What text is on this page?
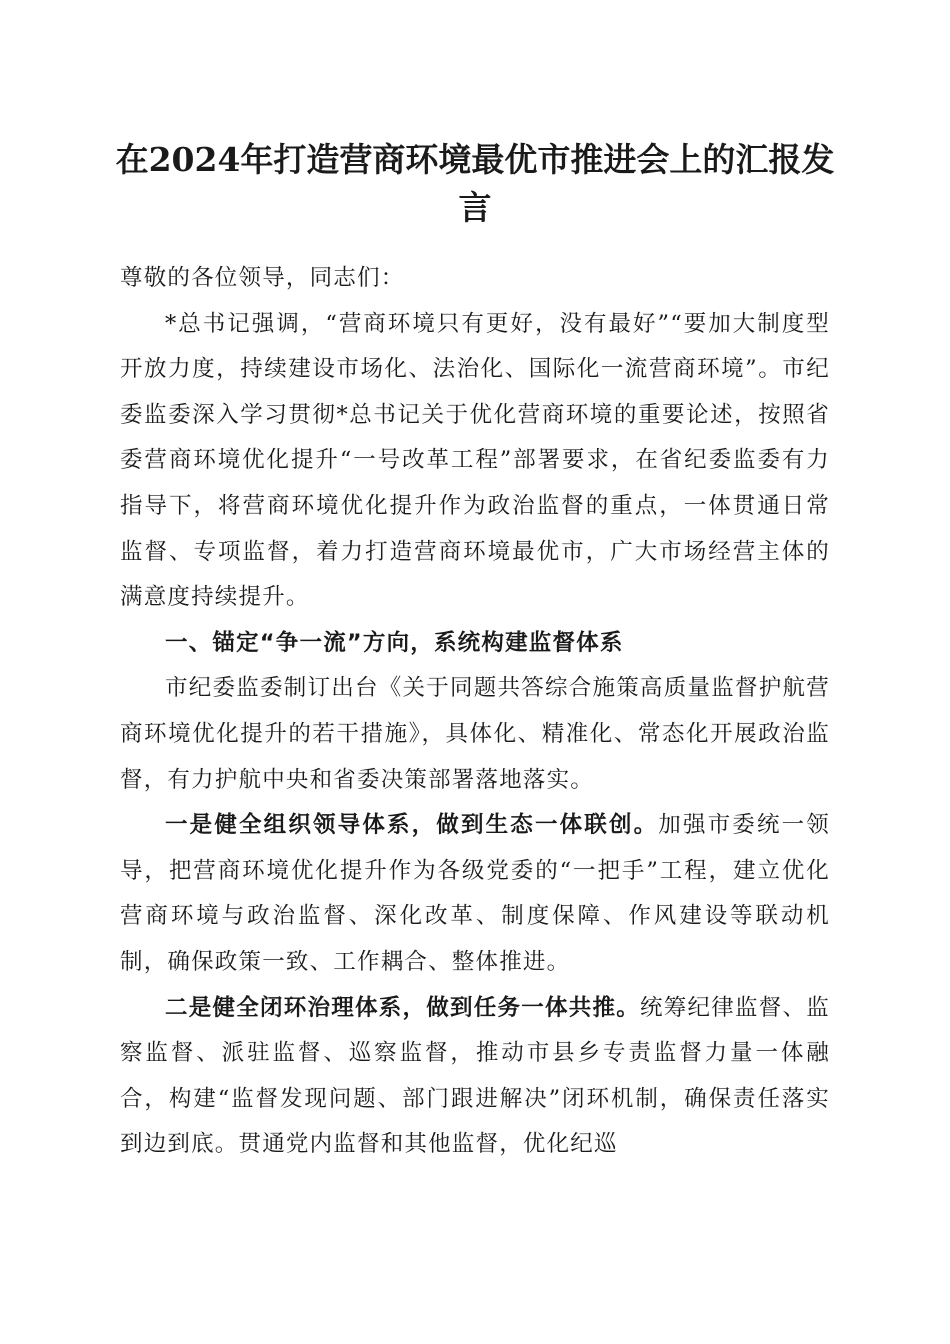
在2024年打造营商环境最优市推进会上的汇报发言

尊敬的各位领导，同志们：

*总书记强调，“营商环境只有更好，没有最好”“要加大制度型开放力度，持续建设市场化、法治化、国际化一流营商环境”。市纪委监委深入学习贯彻*总书记关于优化营商环境的重要论述，按照省委营商环境优化提升“一号改革工程”部署要求，在省纪委监委有力指导下，将营商环境优化提升作为政治监督的重点，一体贯通日常监督、专项监督，着力打造营商环境最优市，广大市场经营主体的满意度持续提升。

一、锚定“争一流”方向，系统构建监督体系

市纪委监委制订出台《关于同题共答综合施策高质量监督护航营商环境优化提升的若干措施》，具体化、精准化、常态化开展政治监督，有力护航中央和省委决策部署落地落实。

一是健全组织领导体系，做到生态一体联创。加强市委统一领导，把营商环境优化提升作为各级党委的“一把手”工程，建立优化营商环境与政治监督、深化改革、制度保障、作风建设等联动机制，确保政策一致、工作耦合、整体推进。

二是健全闭环治理体系，做到任务一体共推。统筹纪律监督、监察监督、派驻监督、巡察监督，推动市县乡专责监督力量一体融合，构建“监督发现问题、部门跟进解决”闭环机制，确保责任落实到边到底。贯通党内监督和其他监督，优化纪巡
